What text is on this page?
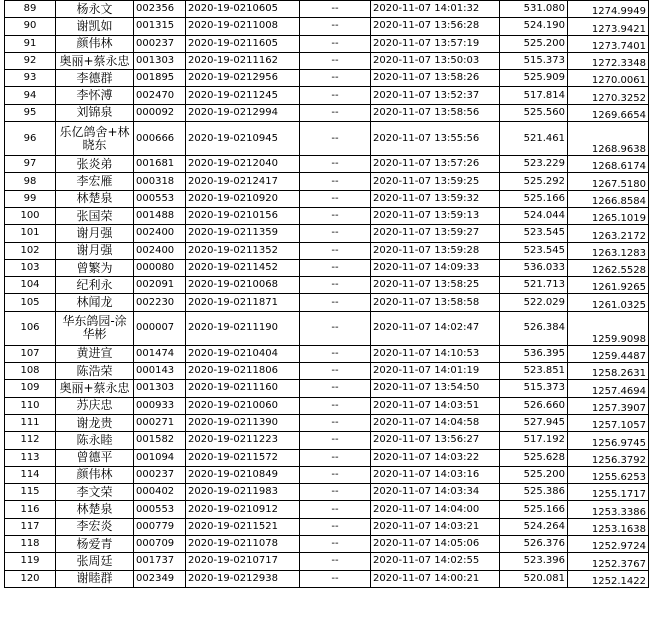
89	杨永文	002356	2020-19-0210605	--	2020-11-07 14:01:32	531.080	1274.9949
90	谢凯如	001315	2020-19-0211008	--	2020-11-07 13:56:28	524.190	1273.9421
91	颜伟林	000237	2020-19-0211605	--	2020-11-07 13:57:19	525.200	1273.7401
92	奥丽+蔡永忠	001303	2020-19-0211162	--	2020-11-07 13:50:03	515.373	1272.3348
93	李德群	001895	2020-19-0212956	--	2020-11-07 13:58:26	525.909	1270.0061
94	李怀溥	002470	2020-19-0211245	--	2020-11-07 13:52:37	517.814	1270.3252
95	刘锦泉	000092	2020-19-0212994	--	2020-11-07 13:58:56	525.560	1269.6654
96	乐亿鸽舍+林晓东	000666	2020-19-0210945	--	2020-11-07 13:55:56	521.461	1268.9638
97	张炎弟	001681	2020-19-0212040	--	2020-11-07 13:57:26	523.229	1268.6174
98	李宏雁	000318	2020-19-0212417	--	2020-11-07 13:59:25	525.292	1267.5180
99	林楚泉	000553	2020-19-0210920	--	2020-11-07 13:59:32	525.166	1266.8584
100	张国荣	001488	2020-19-0210156	--	2020-11-07 13:59:13	524.044	1265.1019
101	谢月强	002400	2020-19-0211359	--	2020-11-07 13:59:27	523.545	1263.2172
102	谢月强	002400	2020-19-0211352	--	2020-11-07 13:59:28	523.545	1263.1283
103	曾繁为	000080	2020-19-0211452	--	2020-11-07 14:09:33	536.033	1262.5528
104	纪利永	002091	2020-19-0210068	--	2020-11-07 13:58:25	521.713	1261.9265
105	林闻龙	002230	2020-19-0211871	--	2020-11-07 13:58:58	522.029	1261.0325
106	华东鸽园-涂华彬	000007	2020-19-0211190	--	2020-11-07 14:02:47	526.384	1259.9098
107	黄进宣	001474	2020-19-0210404	--	2020-11-07 14:10:53	536.395	1259.4487
108	陈浩荣	000143	2020-19-0211806	--	2020-11-07 14:01:19	523.851	1258.2631
109	奥丽+蔡永忠	001303	2020-19-0211160	--	2020-11-07 13:54:50	515.373	1257.4694
110	苏庆忠	000933	2020-19-0210060	--	2020-11-07 14:03:51	526.660	1257.3907
111	谢龙贵	000271	2020-19-0211390	--	2020-11-07 14:04:58	527.945	1257.1057
112	陈永睦	001582	2020-19-0211223	--	2020-11-07 13:56:27	517.192	1256.9745
113	曾德平	001094	2020-19-0211572	--	2020-11-07 14:03:22	525.628	1256.3792
114	颜伟林	000237	2020-19-0210849	--	2020-11-07 14:03:16	525.200	1255.6253
115	李文荣	000402	2020-19-0211983	--	2020-11-07 14:03:34	525.386	1255.1717
116	林楚泉	000553	2020-19-0210912	--	2020-11-07 14:04:00	525.166	1253.3386
117	李宏炎	000779	2020-19-0211521	--	2020-11-07 14:03:21	524.264	1253.1638
118	杨爱青	000709	2020-19-0211078	--	2020-11-07 14:05:06	526.376	1252.9724
119	张周廷	001737	2020-19-0210717	--	2020-11-07 14:02:55	523.396	1252.3767
120	谢睦群	002349	2020-19-0212938	--	2020-11-07 14:00:21	520.081	1252.1422
